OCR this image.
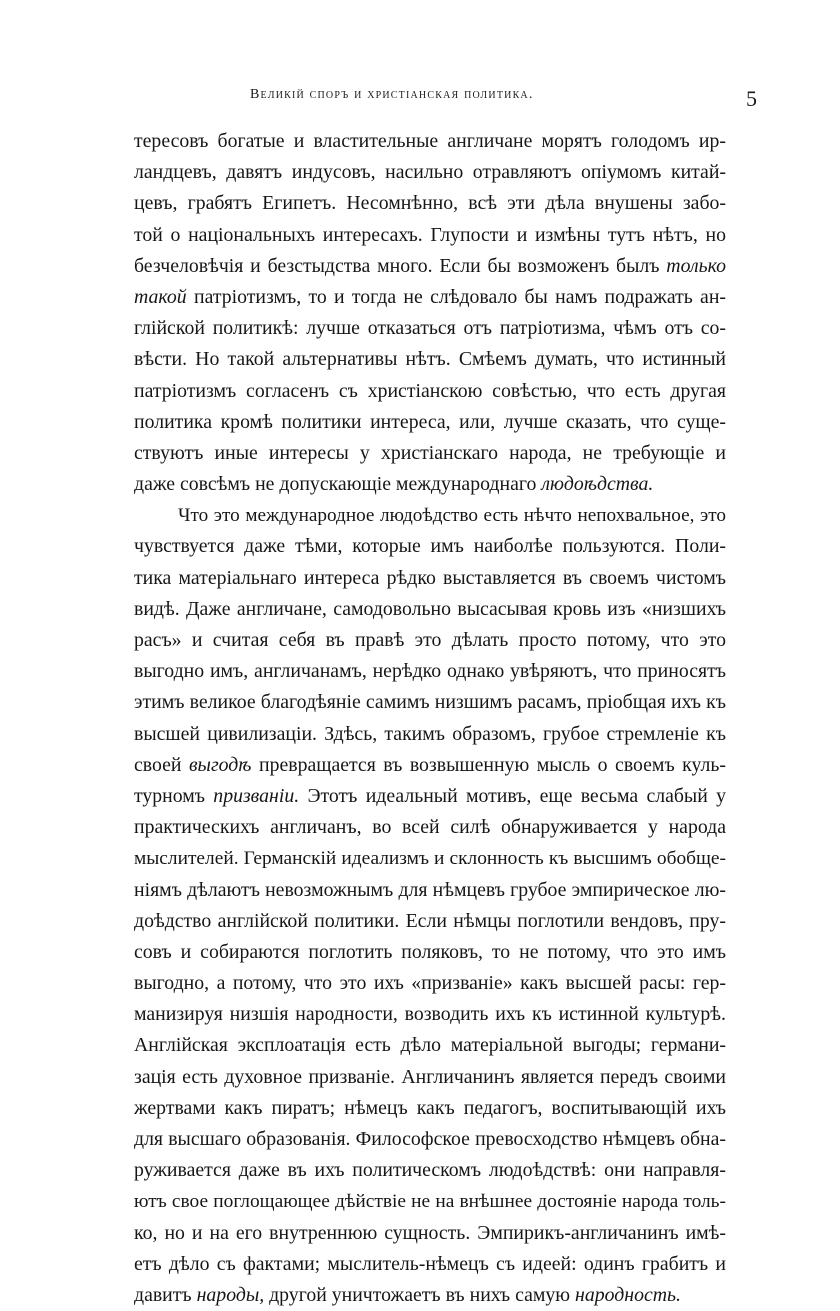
Великій споръ и христіанская политика.	5
тересовъ богатые и властительные англичане морятъ голодомъ ир-
ландцевъ, давятъ индусовъ, насильно отравляютъ опіумомъ китай-
цевъ, грабятъ Египетъ. Несомнѣнно, всѣ эти дѣла внушены забо-
той о національныхъ интересахъ. Глупости и измѣны тутъ нѣтъ, но
безчеловѣчія и безстыдства много. Если бы возможенъ былъ только
такой патріотизмъ, то и тогда не слѣдовало бы намъ подражать ан-
глійской политикѣ: лучше отказаться отъ патріотизма, чѣмъ отъ со-
вѣсти. Но такой альтернативы нѣтъ. Смѣемъ думать, что истинный
патріотизмъ согласенъ съ христіанскою совѣстью, что есть другая
политика кромѣ политики интереса, или, лучше сказать, что суще-
ствуютъ иные интересы у христіанскаго народа, не требующіе и
даже совсѣмъ не допускающіе международнаго людоѣдства.
Что это международное людоѣдство есть нѣчто непохвальное, это
чувствуется даже тѣми, которые имъ наиболѣе пользуются. Поли-
тика матеріальнаго интереса рѣдко выставляется въ своемъ чистомъ
видѣ. Даже англичане, самодовольно высасывая кровь изъ «низшихъ
расъ» и считая себя въ правѣ это дѣлать просто потому, что это
выгодно имъ, англичанамъ, нерѣдко однако увѣряютъ, что приносятъ
этимъ великое благодѣяніе самимъ низшимъ расамъ, пріобщая ихъ къ
высшей цивилизаціи. Здѣсь, такимъ образомъ, грубое стремленіе къ
своей выгодѣ превращается въ возвышенную мысль о своемъ куль-
турномъ призваніи. Этотъ идеальный мотивъ, еще весьма слабый у
практическихъ англичанъ, во всей силѣ обнаруживается у народа
мыслителей. Германскій идеализмъ и склонность къ высшимъ обобще-
ніямъ дѣлаютъ невозможнымъ для нѣмцевъ грубое эмпирическое лю-
доѣдство англійской политики. Если нѣмцы поглотили вендовъ, пру-
совъ и собираются поглотить поляковъ, то не потому, что это имъ
выгодно, а потому, что это ихъ «призваніе» какъ высшей расы: гер-
манизируя низшія народности, возводить ихъ къ истинной культурѣ.
Англійская эксплоатація есть дѣло матеріальной выгоды; германи-
зація есть духовное призваніе. Англичанинъ является передъ своими
жертвами какъ пиратъ; нѣмецъ какъ педагогъ, воспитывающій ихъ
для высшаго образованія. Философское превосходство нѣмцевъ обна-
руживается даже въ ихъ политическомъ людоѣдствѣ: они направля-
ютъ свое поглощающее дѣйствіе не на внѣшнее достояніе народа толь-
ко, но и на его внутреннюю сущность. Эмпирикъ-англичанинъ имѣ-
етъ дѣло съ фактами; мыслитель-нѣмецъ съ идеей: одинъ грабитъ и
давитъ народы, другой уничтожаетъ въ нихъ самую народность.
